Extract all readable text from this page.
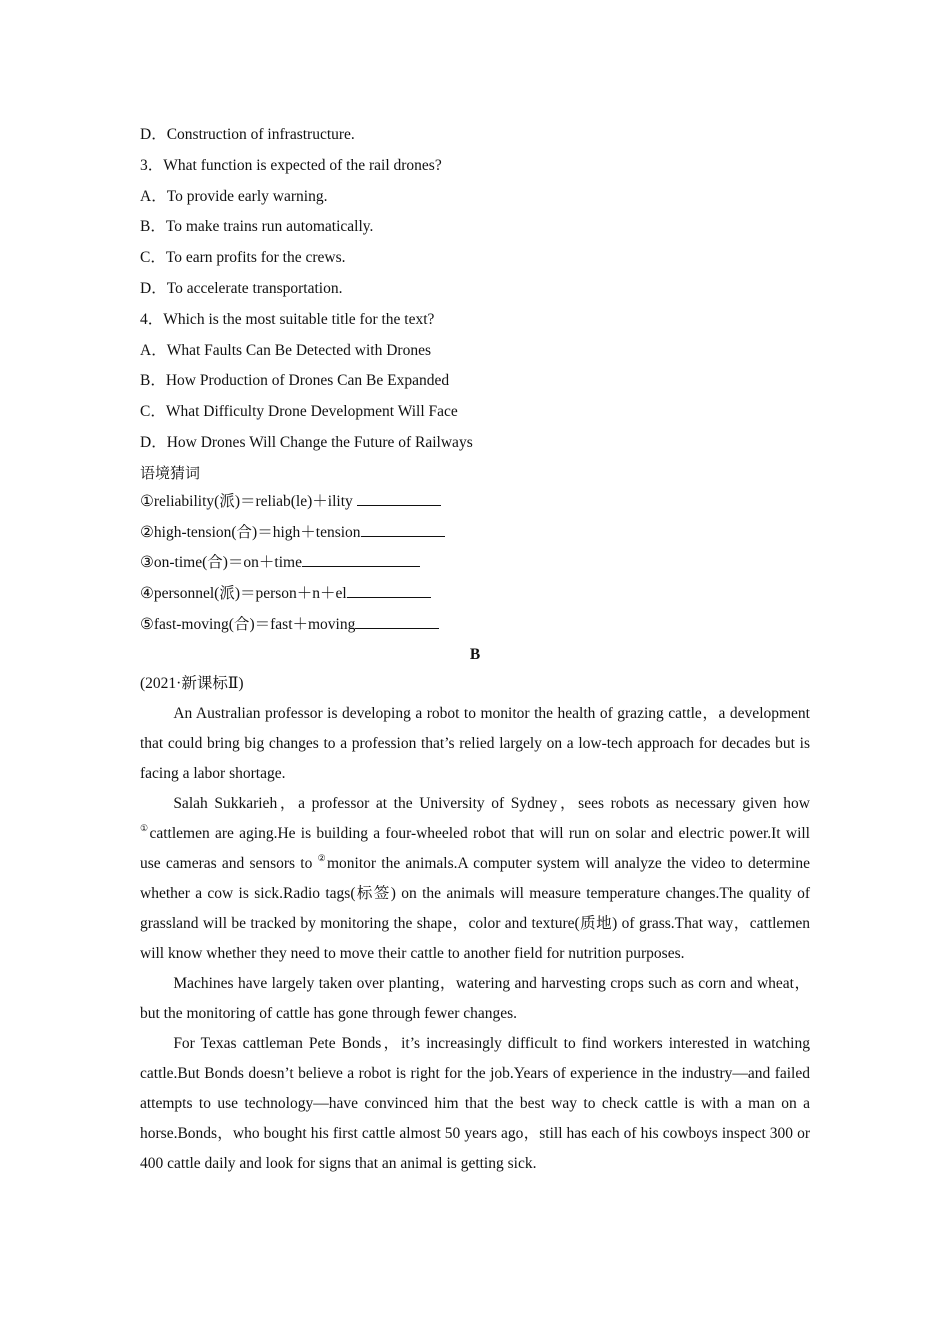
D．Construction of infrastructure.
3．What function is expected of the rail drones?
A．To provide early warning.
B．To make trains run automatically.
C．To earn profits for the crews.
D．To accelerate transportation.
4．Which is the most suitable title for the text?
A．What Faults Can Be Detected with Drones
B．How Production of Drones Can Be Expanded
C．What Difficulty Drone Development Will Face
D．How Drones Will Change the Future of Railways
语境猜词
①reliability(派)＝reliab(le)＋ility
②high-tension(合)＝high＋tension
③on-time(合)＝on＋time
④personnel(派)＝person＋n＋el
⑤fast-moving(合)＝fast＋moving
B
(2021·新课标Ⅱ)

An Australian professor is developing a robot to monitor the health of grazing cattle，a development that could bring big changes to a profession that’s relied largely on a low-tech approach for decades but is facing a labor shortage.

Salah Sukkarieh，a professor at the University of Sydney，sees robots as necessary given how ①cattlemen are aging.He is building a four-wheeled robot that will run on solar and electric power.It will use cameras and sensors to ②monitor the animals.A computer system will analyze the video to determine whether a cow is sick.Radio tags(标签) on the animals will measure temperature changes.The quality of grassland will be tracked by monitoring the shape，color and texture(质地) of grass.That way，cattlemen will know whether they need to move their cattle to another field for nutrition purposes.

Machines have largely taken over planting，watering and harvesting crops such as corn and wheat，but the monitoring of cattle has gone through fewer changes.

For Texas cattleman Pete Bonds，it’s increasingly difficult to find workers interested in watching cattle.But Bonds doesn’t believe a robot is right for the job.Years of experience in the industry—and failed attempts to use technology—have convinced him that the best way to check cattle is with a man on a horse.Bonds，who bought his first cattle almost 50 years ago，still has each of his cowboys inspect 300 or 400 cattle daily and look for signs that an animal is getting sick.
